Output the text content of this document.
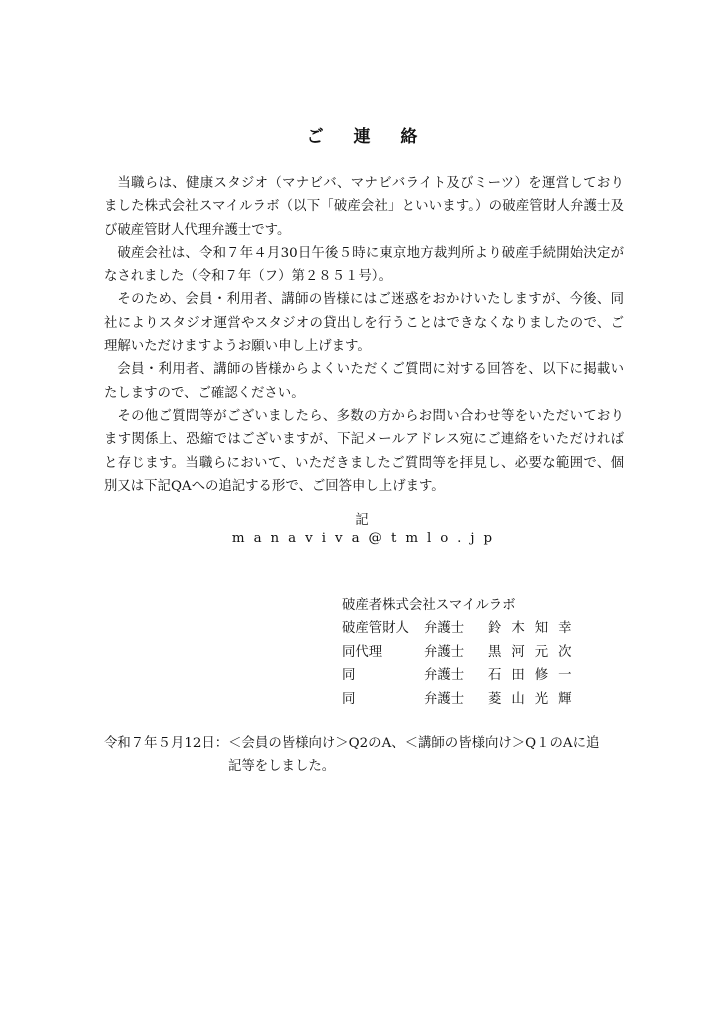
ご 連 絡

当職らは、健康スタジオ（マナビバ、マナビバライト及びミーツ）を運営しておりました株式会社スマイルラボ（以下「破産会社」といいます。）の破産管財人弁護士及び破産管財人代理弁護士です。

破産会社は、令和７年４月30日午後５時に東京地方裁判所より破産手続開始決定がなされました（令和７年（フ）第２８５１号）。

そのため、会員・利用者、講師の皆様にはご迷惑をおかけいたしますが、今後、同社によりスタジオ運営やスタジオの貸出しを行うことはできなくなりましたので、ご理解いただけますようお願い申し上げます。

会員・利用者、講師の皆様からよくいただくご質問に対する回答を、以下に掲載いたしますので、ご確認ください。

その他ご質問等がございましたら、多数の方からお問い合わせ等をいただいております関係上、恐縮ではございますが、下記メールアドレス宛にご連絡をいただければと存じます。当職らにおいて、いただきましたご質問等を拝見し、必要な範囲で、個別又は下記QAへの追記する形で、ご回答申し上げます。

記
manaviva@tmlo.jp
破産者株式会社スマイルラボ
破産管財人	弁護士	鈴木知幸
同代理	弁護士	黒河元次
同	弁護士	石田修一
同	弁護士	菱山光輝
令和７年５月12日：＜会員の皆様向け＞Q2のA、＜講師の皆様向け＞Q１のAに追
記等をしました。
